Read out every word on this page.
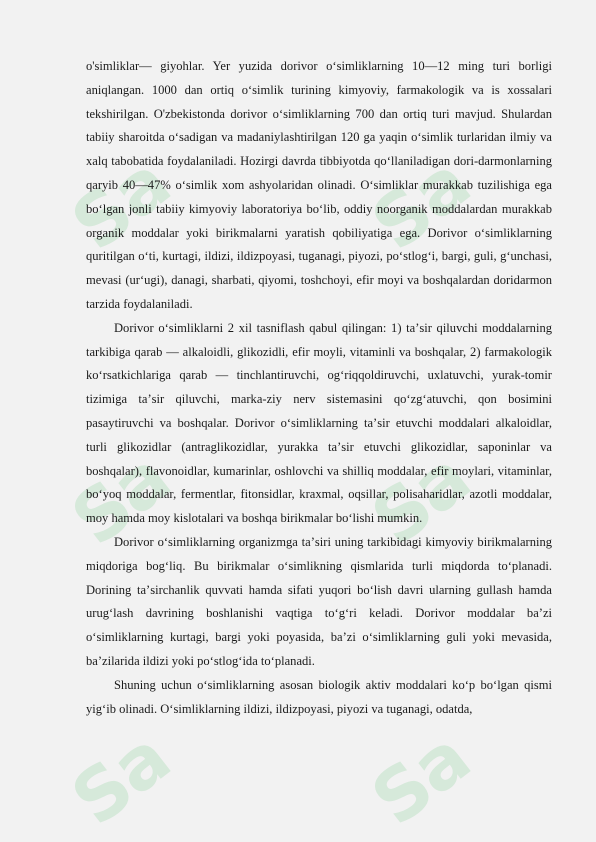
Sa Sa
Sa Sa
Sa Sa

o'simliklar— giyohlar. Yer yuzida dorivor oʻsimliklarning 10—12 ming turi borligi aniqlangan. 1000 dan ortiq oʻsimlik turining kimyoviy, farmakologik va is xossalari tekshirilgan. O'zbekistonda dorivor oʻsimliklarning 700 dan ortiq turi mavjud. Shulardan tabiiy sharoitda oʻsadigan va madaniylashtirilgan 120 ga yaqin oʻsimlik turlaridan ilmiy va xalq tabobatida foydalaniladi. Hozirgi davrda tibbiyotda qoʻllaniladigan dori-darmonlarning qaryib 40—47% oʻsimlik xom ashyolaridan olinadi. Oʻsimliklar murakkab tuzilishiga ega boʻlgan jonli tabiiy kimyoviy laboratoriya boʻlib, oddiy noorganik moddalardan murakkab organik moddalar yoki birikmalarni yaratish qobiliyatiga ega. Dorivor oʻsimliklarning quritilgan oʻti, kurtagi, ildizi, ildizpoyasi, tuganagi, piyozi, poʻstlogʻi, bargi, guli, gʻunchasi, mevasi (urʻugi), danagi, sharbati, qiyomi, toshchoyi, efir moyi va boshqalardan doridarmon tarzida foydalaniladi.

Dorivor oʻsimliklarni 2 xil tasniflash qabul qilingan: 1) taʼsir qiluvchi moddalarning tarkibiga qarab — alkaloidli, glikozidli, efir moyli, vitaminli va boshqalar, 2) farmakologik koʻrsatkichlariga qarab — tinchlantiruvchi, ogʻriqqoldiruvchi, uxlatuvchi, yurak-tomir tizimiga taʼsir qiluvchi, marka-ziy nerv sistemasini qoʻzgʻatuvchi, qon bosimini pasaytiruvchi va boshqalar. Dorivor oʻsimliklarning taʼsir etuvchi moddalari alkaloidlar, turli glikozidlar (antraglikozidlar, yurakka taʼsir etuvchi glikozidlar, saponinlar va boshqalar), flavonoidlar, kumarinlar, oshlovchi va shilliq moddalar, efir moylari, vitaminlar, boʻyoq moddalar, fermentlar, fitonsidlar, kraxmal, oqsillar, polisaharidlar, azotli moddalar, moy hamda moy kislotalari va boshqa birikmalar boʻlishi mumkin.

Dorivor oʻsimliklarning organizmga taʼsiri uning tarkibidagi kimyoviy birikmalarning miqdoriga bogʻliq. Bu birikmalar oʻsimlikning qismlarida turli miqdorda toʻplanadi. Dorining taʼsirchanlik quvvati hamda sifati yuqori boʻlish davri ularning gullash hamda urugʻlash davrining boshlanishi vaqtiga toʻgʻri keladi. Dorivor moddalar baʼzi oʻsimliklarning kurtagi, bargi yoki poyasida, baʼzi oʻsimliklarning guli yoki mevasida, baʼzilarida ildizi yoki poʻstlogʻida toʻplanadi.

Shuning uchun oʻsimliklarning asosan biologik aktiv moddalari koʻp boʻlgan qismi yigʻib olinadi. Oʻsimliklarning ildizi, ildizpoyasi, piyozi va tuganagi, odatda,
